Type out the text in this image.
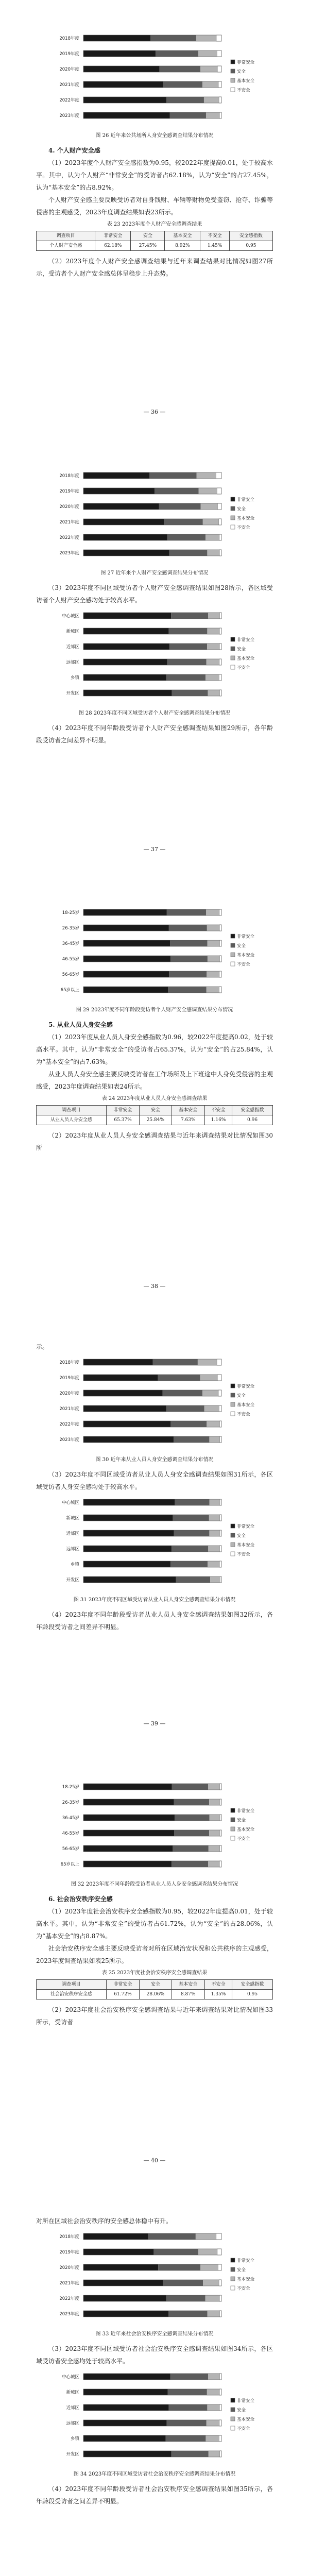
2018年度
2019年度
2020年度
2021年度
2022年度
2023年度
非常安全
安全
基本安全
不安全

图 26 近年来公共场所人身安全感调查结果分布情况

4. 个人财产安全感

（1）2023年度个人财产安全感指数为0.95，较2022年度提高0.01，处于较高水平。其中，认为个人财产“非常安全”的受访者占62.18%，认为“安全”的占27.45%，认为“基本安全”的占8.92%。

个人财产安全感主要反映受访者对自身钱财、车辆等财物免受盗窃、抢夺、诈骗等侵害的主观感受，2023年度调查结果如表23所示。

表 23 2023年度个人财产安全感调查结果

调查项目	非常安全	安全	基本安全	不安全	安全感指数
个人财产安全感	62.18%	27.45%	8.92%	1.45%	0.95

（2）2023年度个人财产安全感调查结果与近年来调查结果对比情况如图27所示，受访者个人财产安全感总体呈稳步上升态势。

— 36 —
2018年度
2019年度
2020年度
2021年度
2022年度
2023年度
非常安全
安全
基本安全
不安全

图 27 近年来个人财产安全感调查结果分布情况

（3）2023年度不同区域受访者个人财产安全感调查结果如图28所示，各区域受访者个人财产安全感均处于较高水平。

中心城区
新城区
近郊区
远郊区
乡镇
开发区
非常安全
安全
基本安全
不安全

图 28 2023年度不同区域受访者个人财产安全感调查结果分布情况

（4）2023年度不同年龄段受访者个人财产安全感调查结果如图29所示，各年龄段受访者之间差异不明显。

— 37 —
18-25岁
26-35岁
36-45岁
46-55岁
56-65岁
65岁以上
非常安全
安全
基本安全
不安全

图 29 2023年度不同年龄段受访者个人财产安全感调查结果分布情况

5. 从业人员人身安全感

（1）2023年度从业人员人身安全感指数为0.96，较2022年度提高0.02，处于较高水平。其中，认为“非常安全”的受访者占65.37%，认为“安全”的占25.84%，认为“基本安全”的占7.63%。

从业人员人身安全感主要反映受访者在工作场所及上下班途中人身免受侵害的主观感受，2023年度调查结果如表24所示。

表 24 2023年度从业人员人身安全感调查结果

调查项目	非常安全	安全	基本安全	不安全	安全感指数
从业人员人身安全感	65.37%	25.84%	7.63%	1.16%	0.96

（2）2023年度从业人员人身安全感调查结果与近年来调查结果对比情况如图30所

— 38 —

示。

2018年度
2019年度
2020年度
2021年度
2022年度
2023年度
非常安全
安全
基本安全
不安全

图 30 近年来从业人员人身安全感调查结果分布情况

（3）2023年度不同区域受访者从业人员人身安全感调查结果如图31所示，各区域受访者人身安全感均处于较高水平。

中心城区
新城区
近郊区
远郊区
乡镇
开发区
非常安全
安全
基本安全
不安全

图 31 2023年度不同区域受访者从业人员人身安全感调查结果分布情况

（4）2023年度不同年龄段受访者从业人员人身安全感调查结果如图32所示，各年龄段受访者之间差异不明显。

— 39 —
18-25岁
26-35岁
36-45岁
46-55岁
56-65岁
65岁以上
非常安全
安全
基本安全
不安全

图 32 2023年度不同年龄段受访者从业人员人身安全感调查结果分布情况

6. 社会治安秩序安全感

（1）2023年度社会治安秩序安全感指数为0.95，较2022年度提高0.01，处于较高水平。其中，认为“非常安全”的受访者占61.72%，认为“安全”的占28.06%，认为“基本安全”的占8.87%。

社会治安秩序安全感主要反映受访者对所在区域治安状况和公共秩序的主观感受，2023年度调查结果如表25所示。

表 25 2023年度社会治安秩序安全感调查结果

调查项目	非常安全	安全	基本安全	不安全	安全感指数
社会治安秩序安全感	61.72%	28.06%	8.87%	1.35%	0.95

（2）2023年度社会治安秩序安全感调查结果与近年来调查结果对比情况如图33所示，受访者

— 40 —

对所在区域社会治安秩序的安全感总体稳中有升。

2018年度
2019年度
2020年度
2021年度
2022年度
2023年度
非常安全
安全
基本安全
不安全

图 33 近年来社会治安秩序安全感调查结果分布情况

（3）2023年度不同区域受访者社会治安秩序安全感调查结果如图34所示，各区域受访者安全感均处于较高水平。

中心城区
新城区
近郊区
远郊区
乡镇
开发区
非常安全
安全
基本安全
不安全

图 34 2023年度不同区域受访者社会治安秩序安全感调查结果分布情况

（4）2023年度不同年龄段受访者社会治安秩序安全感调查结果如图35所示，各年龄段受访者之间差异不明显。
